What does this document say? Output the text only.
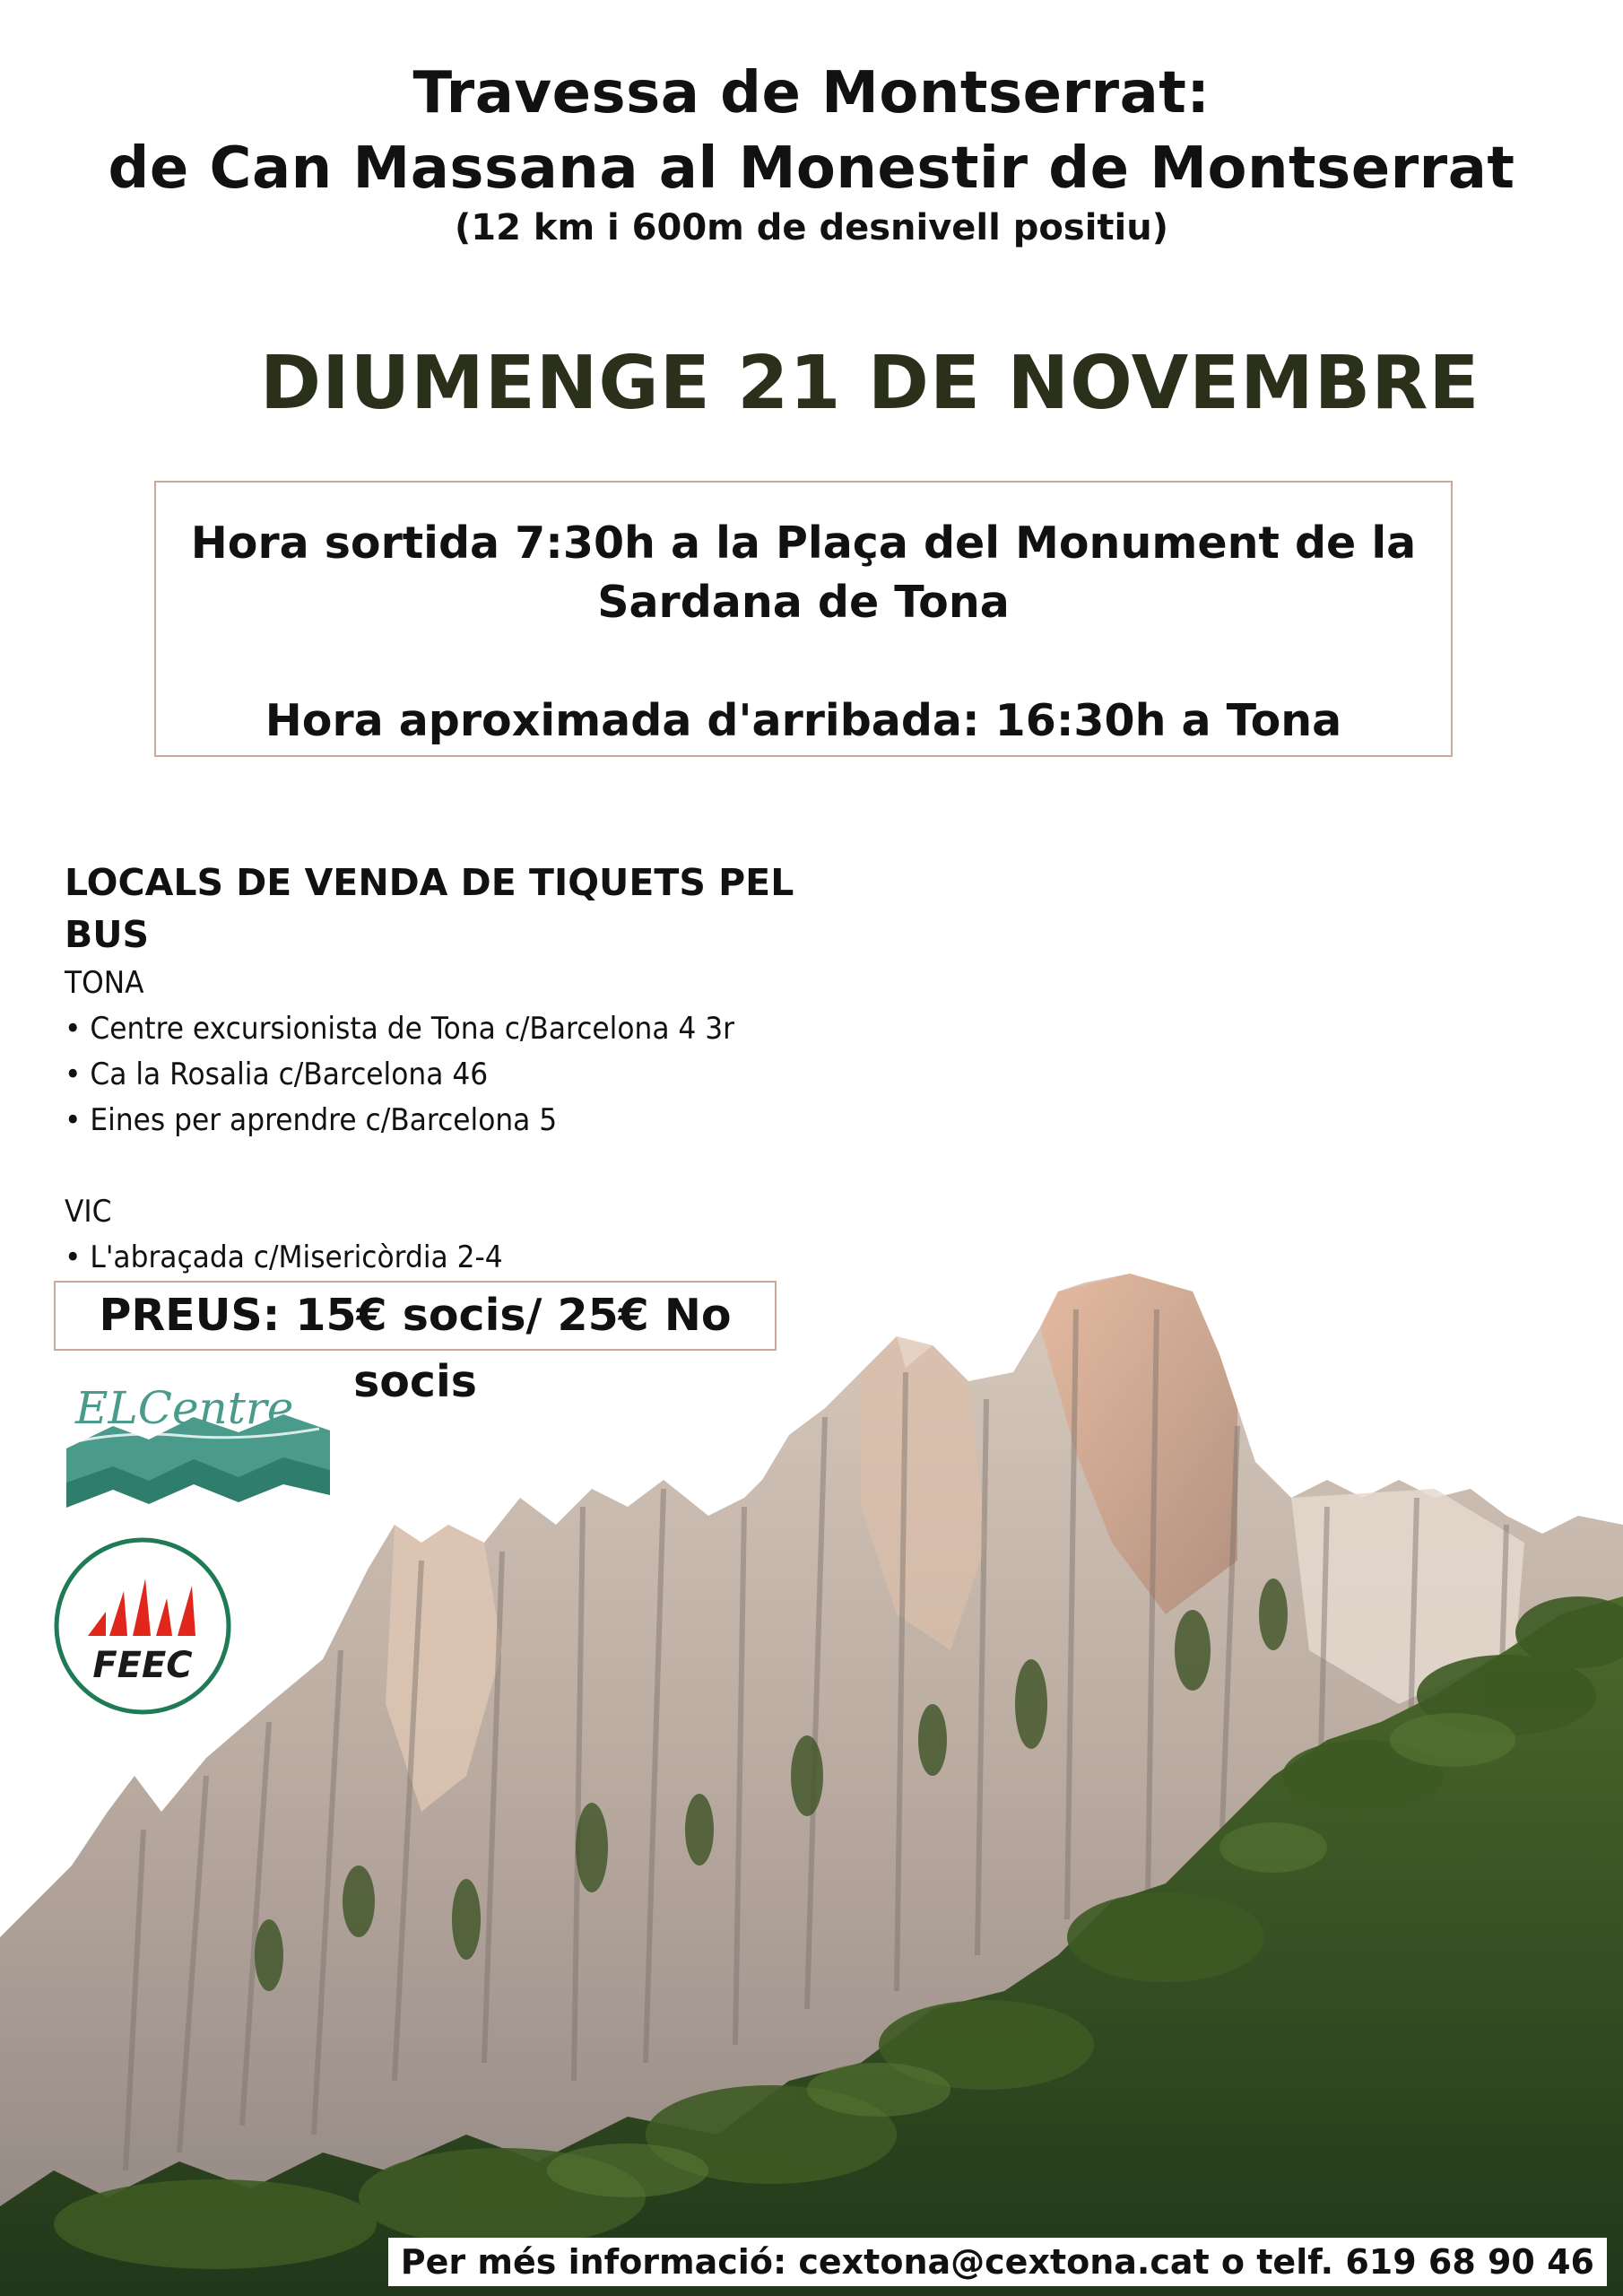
Travessa de Montserrat:
de Can Massana al Monestir de Montserrat
(12 km i 600m de desnivell positiu)
DIUMENGE 21 DE NOVEMBRE
Hora sortida 7:30h a la Plaça del Monument de la
Sardana de Tona
Hora aproximada d'arribada: 16:30h a Tona
LOCALS DE VENDA DE TIQUETS PEL BUS
TONA
• Centre excursionista de Tona c/Barcelona 4 3r
• Ca la Rosalia c/Barcelona 46
• Eines per aprendre c/Barcelona 5
VIC
• L'abraçada c/Misericòrdia 2-4
PREUS: 15€ socis/ 25€ No socis
ELCentre
FEEC
Per més informació: cextona@cextona.cat o telf. 619 68 90 46
